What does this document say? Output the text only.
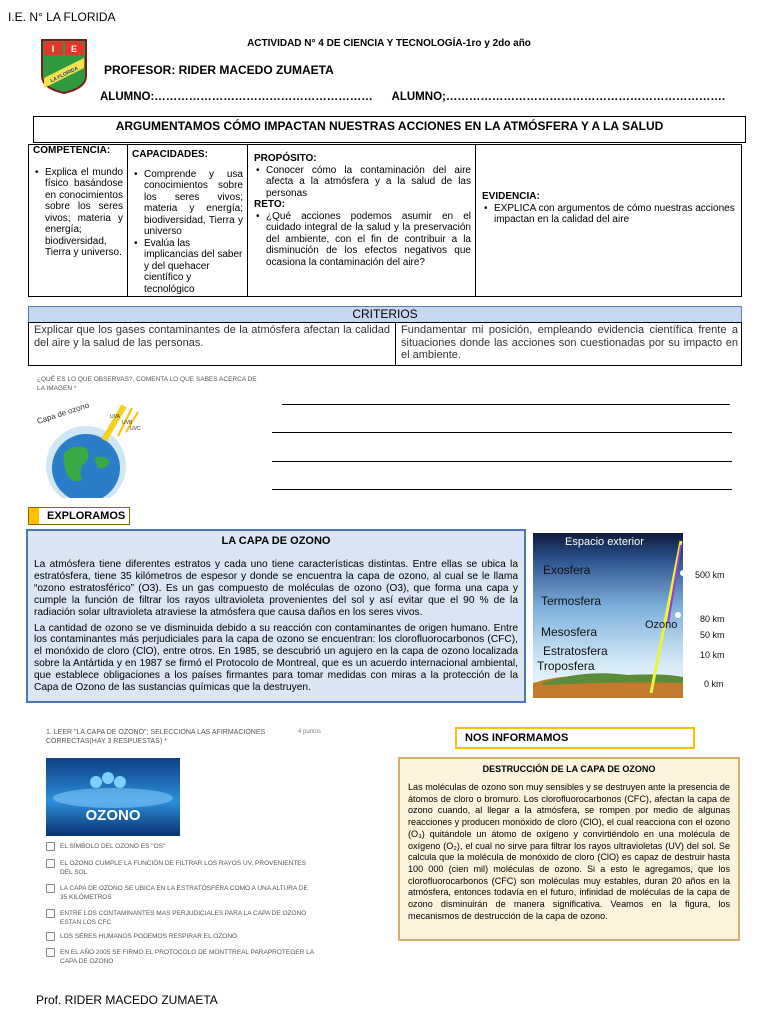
I.E. N° LA FLORIDA
I E
LA FLORIDA
ACTIVIDAD N° 4 DE CIENCIA Y TECNOLOGÍA-1ro y 2do año
PROFESOR: RIDER MACEDO ZUMAETA
ALUMNO:………………………………………………… ALUMNO;……………………………………………………………….
ARGUMENTAMOS CÓMO IMPACTAN NUESTRAS ACCIONES EN LA ATMÓSFERA Y A LA SALUD
COMPETENCIA:
• Explica el mundo físico basándose en conocimientos sobre los seres vivos; materia y energía; biodiversidad, Tierra y universo.
CAPACIDADES:
• Comprende y usa conocimientos sobre los seres vivos; materia y energía; biodiversidad, Tierra y universo
• Evalúa las implicancias del saber y del quehacer científico y tecnológico
PROPÓSITO:
• Conocer cómo la contaminación del aire afecta a la atmósfera y a la salud de las personas
RETO:
• ¿Qué acciones podemos asumir en el cuidado integral de la salud y la preservación del ambiente, con el fin de contribuir a la disminución de los efectos negativos que ocasiona la contaminación del aire?
EVIDENCIA:
• EXPLICA con argumentos de cómo nuestras acciones impactan en la calidad del aire
CRITERIOS
Explicar que los gases contaminantes de la atmósfera afectan la calidad del aire y la salud de las personas.
Fundamentar mi posición, empleando evidencia científica frente a situaciones donde las acciones son cuestionadas por su impacto en el ambiente.
¿QUÉ ES LO QUE OBSERVAS?, COMENTA LO QUE SABES ACERCA DE LA IMAGEN *
Capa de ozono	UVA
UVB
UVC
EXPLORAMOS
LA CAPA DE OZONO

La atmósfera tiene diferentes estratos y cada uno tiene características distintas. Entre ellas se ubica la estratósfera, tiene 35 kilómetros de espesor y donde se encuentra la capa de ozono, al cual se le llama “ozono estratosférico” (O3). Es un gas compuesto de moléculas de ozono (O3), que forma una capa y cumple la función de filtrar los rayos ultravioleta provenientes del sol y así evitar que el 90 % de la radiación solar ultravioleta atraviese la atmósfera que causa daños en los seres vivos.

La cantidad de ozono se ve disminuida debido a su reacción con contaminantes de origen humano. Entre los contaminantes más perjudiciales para la capa de ozono se encuentran: los clorofluorocarbonos (CFC), el monóxido de cloro (ClO), entre otros. En 1985, se descubrió un agujero en la capa de ozono localizada sobre la Antártida y en 1987 se firmó el Protocolo de Montreal, que es un acuerdo internacional ambiental, que establece obligaciones a los países firmantes para tomar medidas con miras a la protección de la Capa de Ozono de las sustancias químicas que la destruyen.

Espacio exterior
Exosfera
Termosfera
Mesosfera	Ozono
Estratosfera
Troposfera
500 km
80 km
50 km
10 km
0 km
1. LEER "LA CAPA DE OZONO"; SELECCIONA LAS AFIRMACIONES CORRECTAS(HAY 3 RESPUESTAS) *
4 puntos
OZONO
EL SÍMBOLO DEL OZONO ES "OS"
EL OZONO CUMPLE LA FUNCIÓN DE FILTRAR LOS RAYOS UV, PROVENIENTES DEL SOL
LA CAPA DE OZONO SE UBICA EN LA ESTRATÓSFERA COMO A UNA ALTURA DE 35 KILÓMETROS
ENTRE LOS CONTAMINANTES MAS PERJUDICIALES PARA LA CAPA DE OZONO ESTAN LOS CFC
LOS SERES HUMANOS PODEMOS RESPIRAR EL OZONO
EN EL AÑO 2005 SE FIRMO EL PROTOCOLO DE MONTTREAL PARAPROTEGER LA CAPA DE OZONO
NOS INFORMAMOS
DESTRUCCIÓN DE LA CAPA DE OZONO

Las moléculas de ozono son muy sensibles y se destruyen ante la presencia de átomos de cloro o bromuro. Los clorofluorocarbonos (CFC), afectan la capa de ozono cuando, al llegar a la atmósfera, se rompen por medio de algunas reacciones y producen monóxido de cloro (ClO), el cual reacciona con el ozono (O₃) quitándole un átomo de oxígeno y convirtiéndolo en una molécula de oxígeno (O₂), el cual no sirve para filtrar los rayos ultravioletas (UV) del sol. Se calcula que la molécula de monóxido de cloro (ClO) es capaz de destruir hasta 100 000 (cien mil) moléculas de ozono. Si a esto le agregamos, que los clorofluorocarbonos (CFC) son moléculas muy estables, duran 20 años en la atmósfera, entonces todavía en el futuro, infinidad de moléculas de la capa de ozono disminuirán de manera significativa. Veamos en la figura, los mecanismos de destrucción de la capa de ozono.

Prof. RIDER MACEDO ZUMAETA
